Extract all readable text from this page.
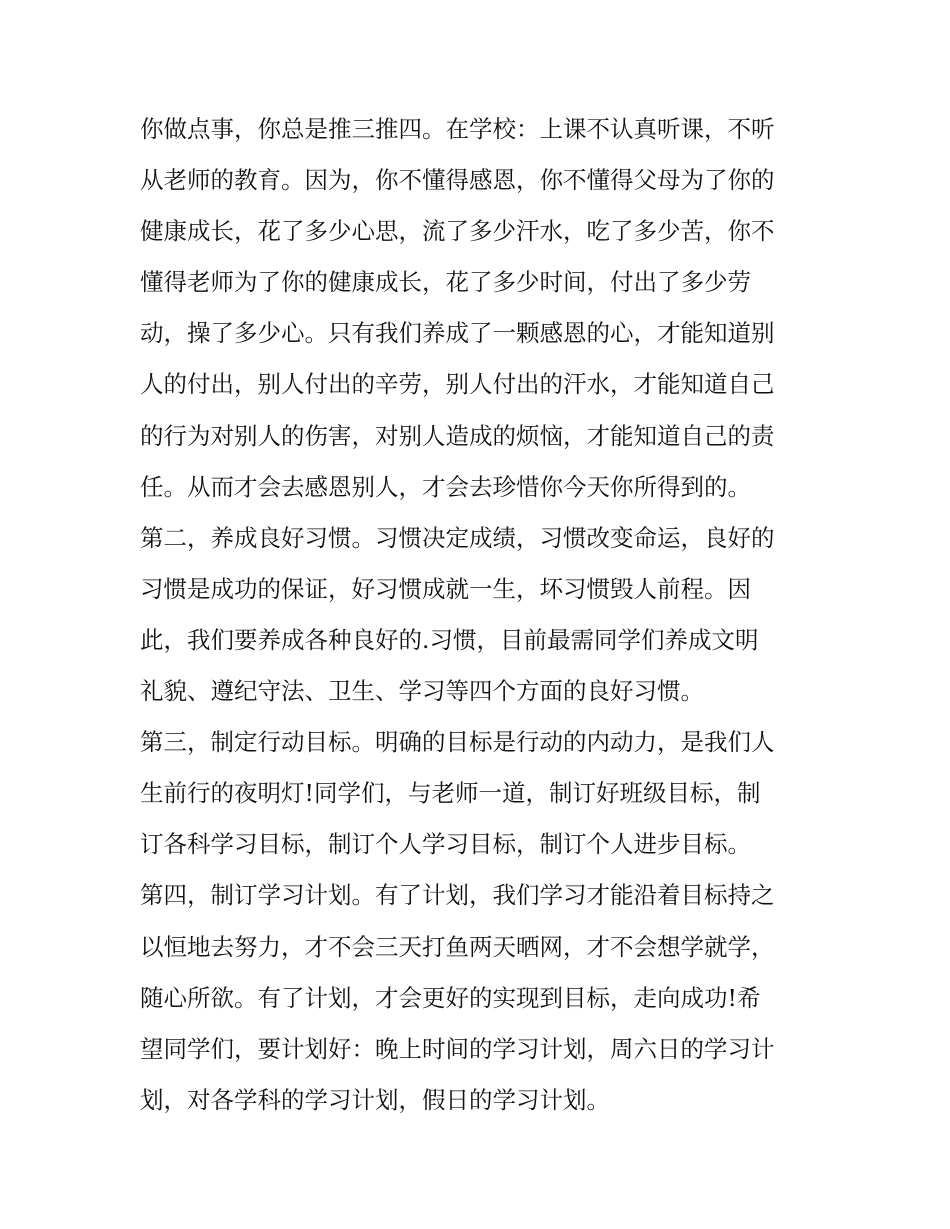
你做点事，你总是推三推四。在学校：上课不认真听课，不听
从老师的教育。因为，你不懂得感恩，你不懂得父母为了你的
健康成长，花了多少心思，流了多少汗水，吃了多少苦，你不
懂得老师为了你的健康成长，花了多少时间，付出了多少劳
动，操了多少心。只有我们养成了一颗感恩的心，才能知道别
人的付出，别人付出的辛劳，别人付出的汗水，才能知道自己
的行为对别人的伤害，对别人造成的烦恼，才能知道自己的责
任。从而才会去感恩别人，才会去珍惜你今天你所得到的。
第二，养成良好习惯。习惯决定成绩，习惯改变命运，良好的
习惯是成功的保证，好习惯成就一生，坏习惯毁人前程。因
此，我们要养成各种良好的.习惯，目前最需同学们养成文明
礼貌、遵纪守法、卫生、学习等四个方面的良好习惯。
第三，制定行动目标。明确的目标是行动的内动力，是我们人
生前行的夜明灯!同学们，与老师一道，制订好班级目标，制
订各科学习目标，制订个人学习目标，制订个人进步目标。
第四，制订学习计划。有了计划，我们学习才能沿着目标持之
以恒地去努力，才不会三天打鱼两天晒网，才不会想学就学，
随心所欲。有了计划，才会更好的实现到目标，走向成功!希
望同学们，要计划好：晚上时间的学习计划，周六日的学习计
划，对各学科的学习计划，假日的学习计划。
